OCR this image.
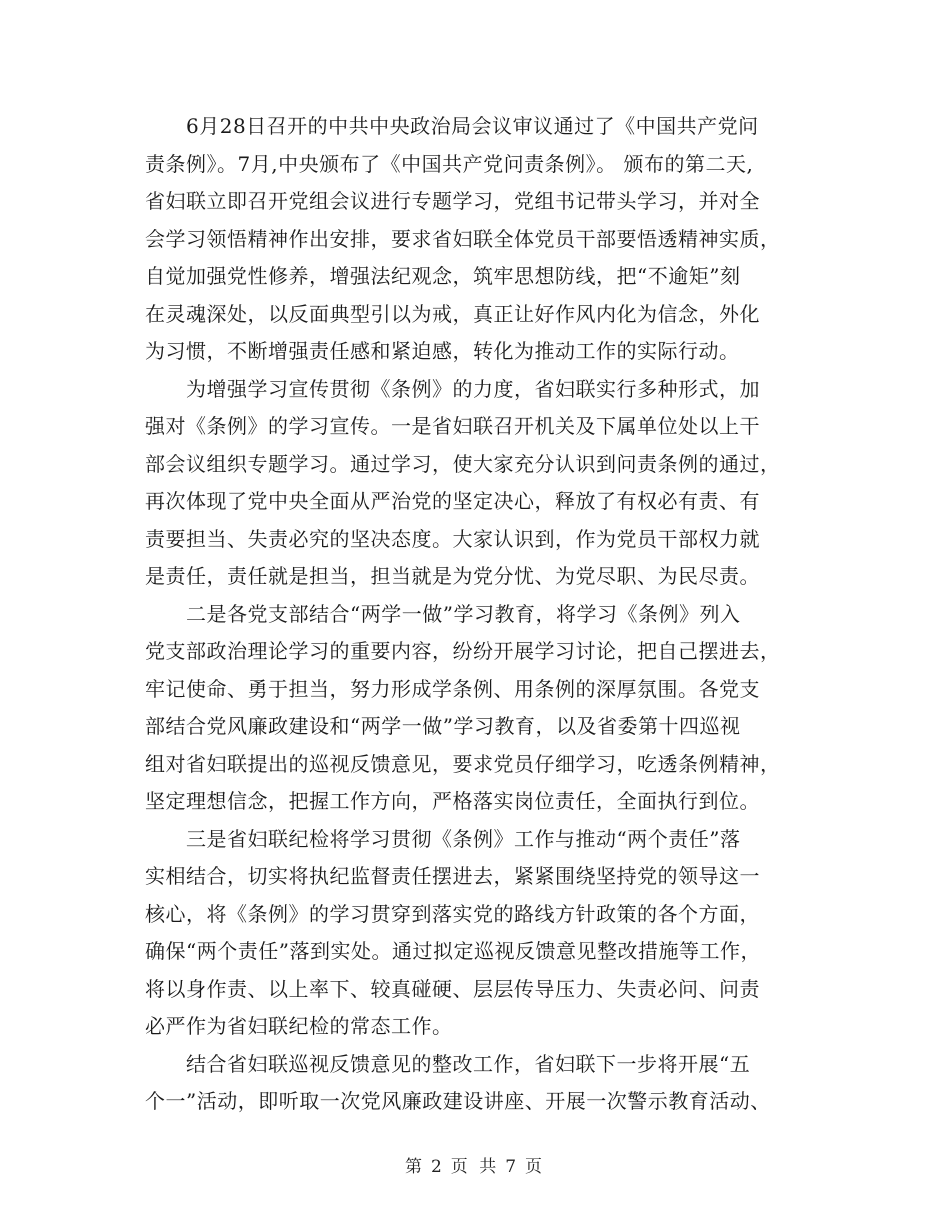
　　6月28日召开的中共中央政治局会议审议通过了《中国共产党问
责条例》。7月,中央颁布了《中国共产党问责条例》。 颁布的第二天,
省妇联立即召开党组会议进行专题学习，党组书记带头学习，并对全
会学习领悟精神作出安排，要求省妇联全体党员干部要悟透精神实质，
自觉加强党性修养，增强法纪观念，筑牢思想防线，把“不逾矩”刻
在灵魂深处，以反面典型引以为戒，真正让好作风内化为信念，外化
为习惯，不断增强责任感和紧迫感，转化为推动工作的实际行动。
　　为增强学习宣传贯彻《条例》的力度，省妇联实行多种形式，加
强对《条例》的学习宣传。一是省妇联召开机关及下属单位处以上干
部会议组织专题学习。通过学习，使大家充分认识到问责条例的通过，
再次体现了党中央全面从严治党的坚定决心，释放了有权必有责、有
责要担当、失责必究的坚决态度。大家认识到，作为党员干部权力就
是责任，责任就是担当，担当就是为党分忧、为党尽职、为民尽责。
　　二是各党支部结合“两学一做”学习教育，将学习《条例》列入
党支部政治理论学习的重要内容，纷纷开展学习讨论，把自己摆进去，
牢记使命、勇于担当，努力形成学条例、用条例的深厚氛围。各党支
部结合党风廉政建设和“两学一做”学习教育，以及省委第十四巡视
组对省妇联提出的巡视反馈意见，要求党员仔细学习，吃透条例精神，
坚定理想信念，把握工作方向，严格落实岗位责任，全面执行到位。
　　三是省妇联纪检将学习贯彻《条例》工作与推动“两个责任”落
实相结合，切实将执纪监督责任摆进去，紧紧围绕坚持党的领导这一
核心，将《条例》的学习贯穿到落实党的路线方针政策的各个方面，
确保“两个责任”落到实处。通过拟定巡视反馈意见整改措施等工作，
将以身作责、以上率下、较真碰硬、层层传导压力、失责必问、问责
必严作为省妇联纪检的常态工作。
　　结合省妇联巡视反馈意见的整改工作，省妇联下一步将开展“五
个一”活动，即听取一次党风廉政建设讲座、开展一次警示教育活动、
第 2 页 共 7 页
